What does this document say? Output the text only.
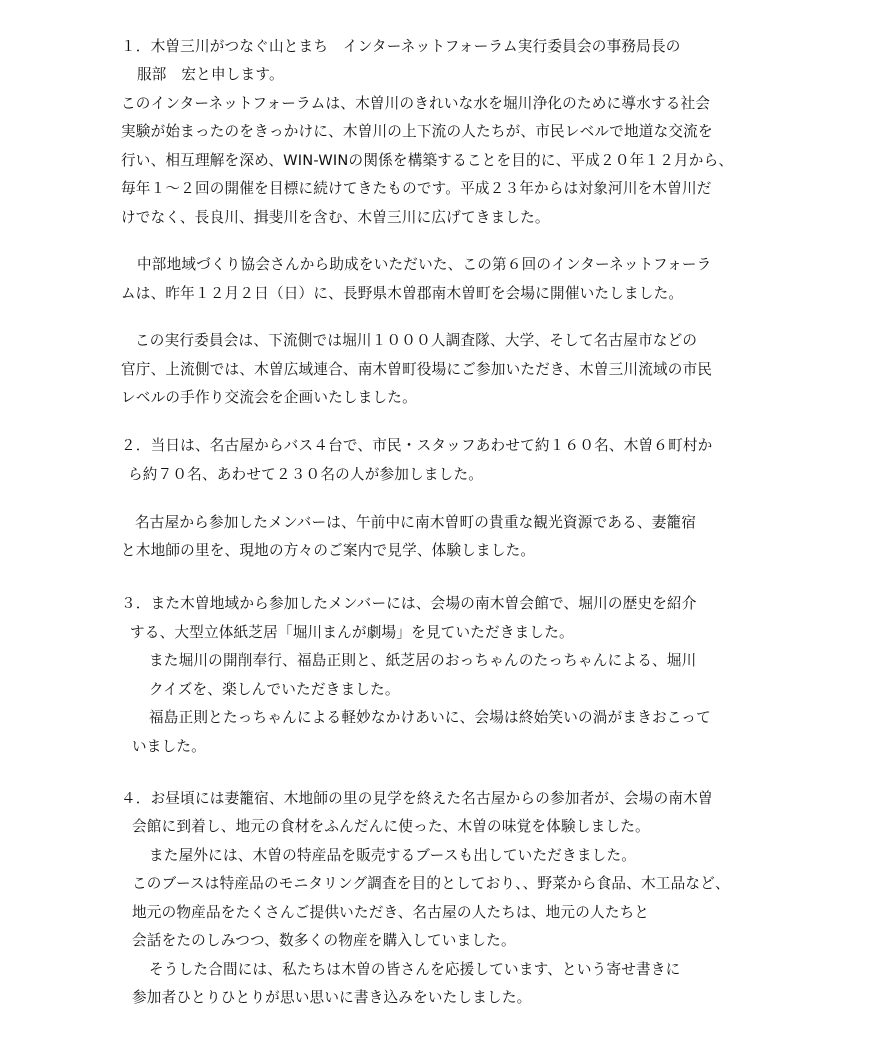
１．木曽三川がつなぐ山とまち　インターネットフォーラム実行委員会の事務局長の
服部　宏と申します。
このインターネットフォーラムは、木曽川のきれいな水を堀川浄化のために導水する社会
実験が始まったのをきっかけに、木曽川の上下流の人たちが、市民レベルで地道な交流を
行い、相互理解を深め、WIN-WINの関係を構築することを目的に、平成２０年１２月から、
毎年１～２回の開催を目標に続けてきたものです。平成２３年からは対象河川を木曽川だ
けでなく、長良川、揖斐川を含む、木曽三川に広げてきました。
中部地域づくり協会さんから助成をいただいた、この第６回のインターネットフォーラ
ムは、昨年１２月２日（日）に、長野県木曽郡南木曽町を会場に開催いたしました。
この実行委員会は、下流側では堀川１０００人調査隊、大学、そして名古屋市などの
官庁、上流側では、木曽広域連合、南木曽町役場にご参加いただき、木曽三川流域の市民
レベルの手作り交流会を企画いたしました。
２．当日は、名古屋からバス４台で、市民・スタッフあわせて約１６０名、木曽６町村か
ら約７０名、あわせて２３０名の人が参加しました。
名古屋から参加したメンバーは、午前中に南木曽町の貴重な観光資源である、妻籠宿
と木地師の里を、現地の方々のご案内で見学、体験しました。
３．また木曽地域から参加したメンバーには、会場の南木曽会館で、堀川の歴史を紹介
する、大型立体紙芝居「堀川まんが劇場」を見ていただきました。
また堀川の開削奉行、福島正則と、紙芝居のおっちゃんのたっちゃんによる、堀川
クイズを、楽しんでいただきました。
福島正則とたっちゃんによる軽妙なかけあいに、会場は終始笑いの渦がまきおこって
いました。
４．お昼頃には妻籠宿、木地師の里の見学を終えた名古屋からの参加者が、会場の南木曽
会館に到着し、地元の食材をふんだんに使った、木曽の味覚を体験しました。
また屋外には、木曽の特産品を販売するブースも出していただきました。
このブースは特産品のモニタリング調査を目的としており、、野菜から食品、木工品など、
地元の物産品をたくさんご提供いただき、名古屋の人たちは、地元の人たちと
会話をたのしみつつ、数多くの物産を購入していました。
そうした合間には、私たちは木曽の皆さんを応援しています、という寄せ書きに
参加者ひとりひとりが思い思いに書き込みをいたしました。
